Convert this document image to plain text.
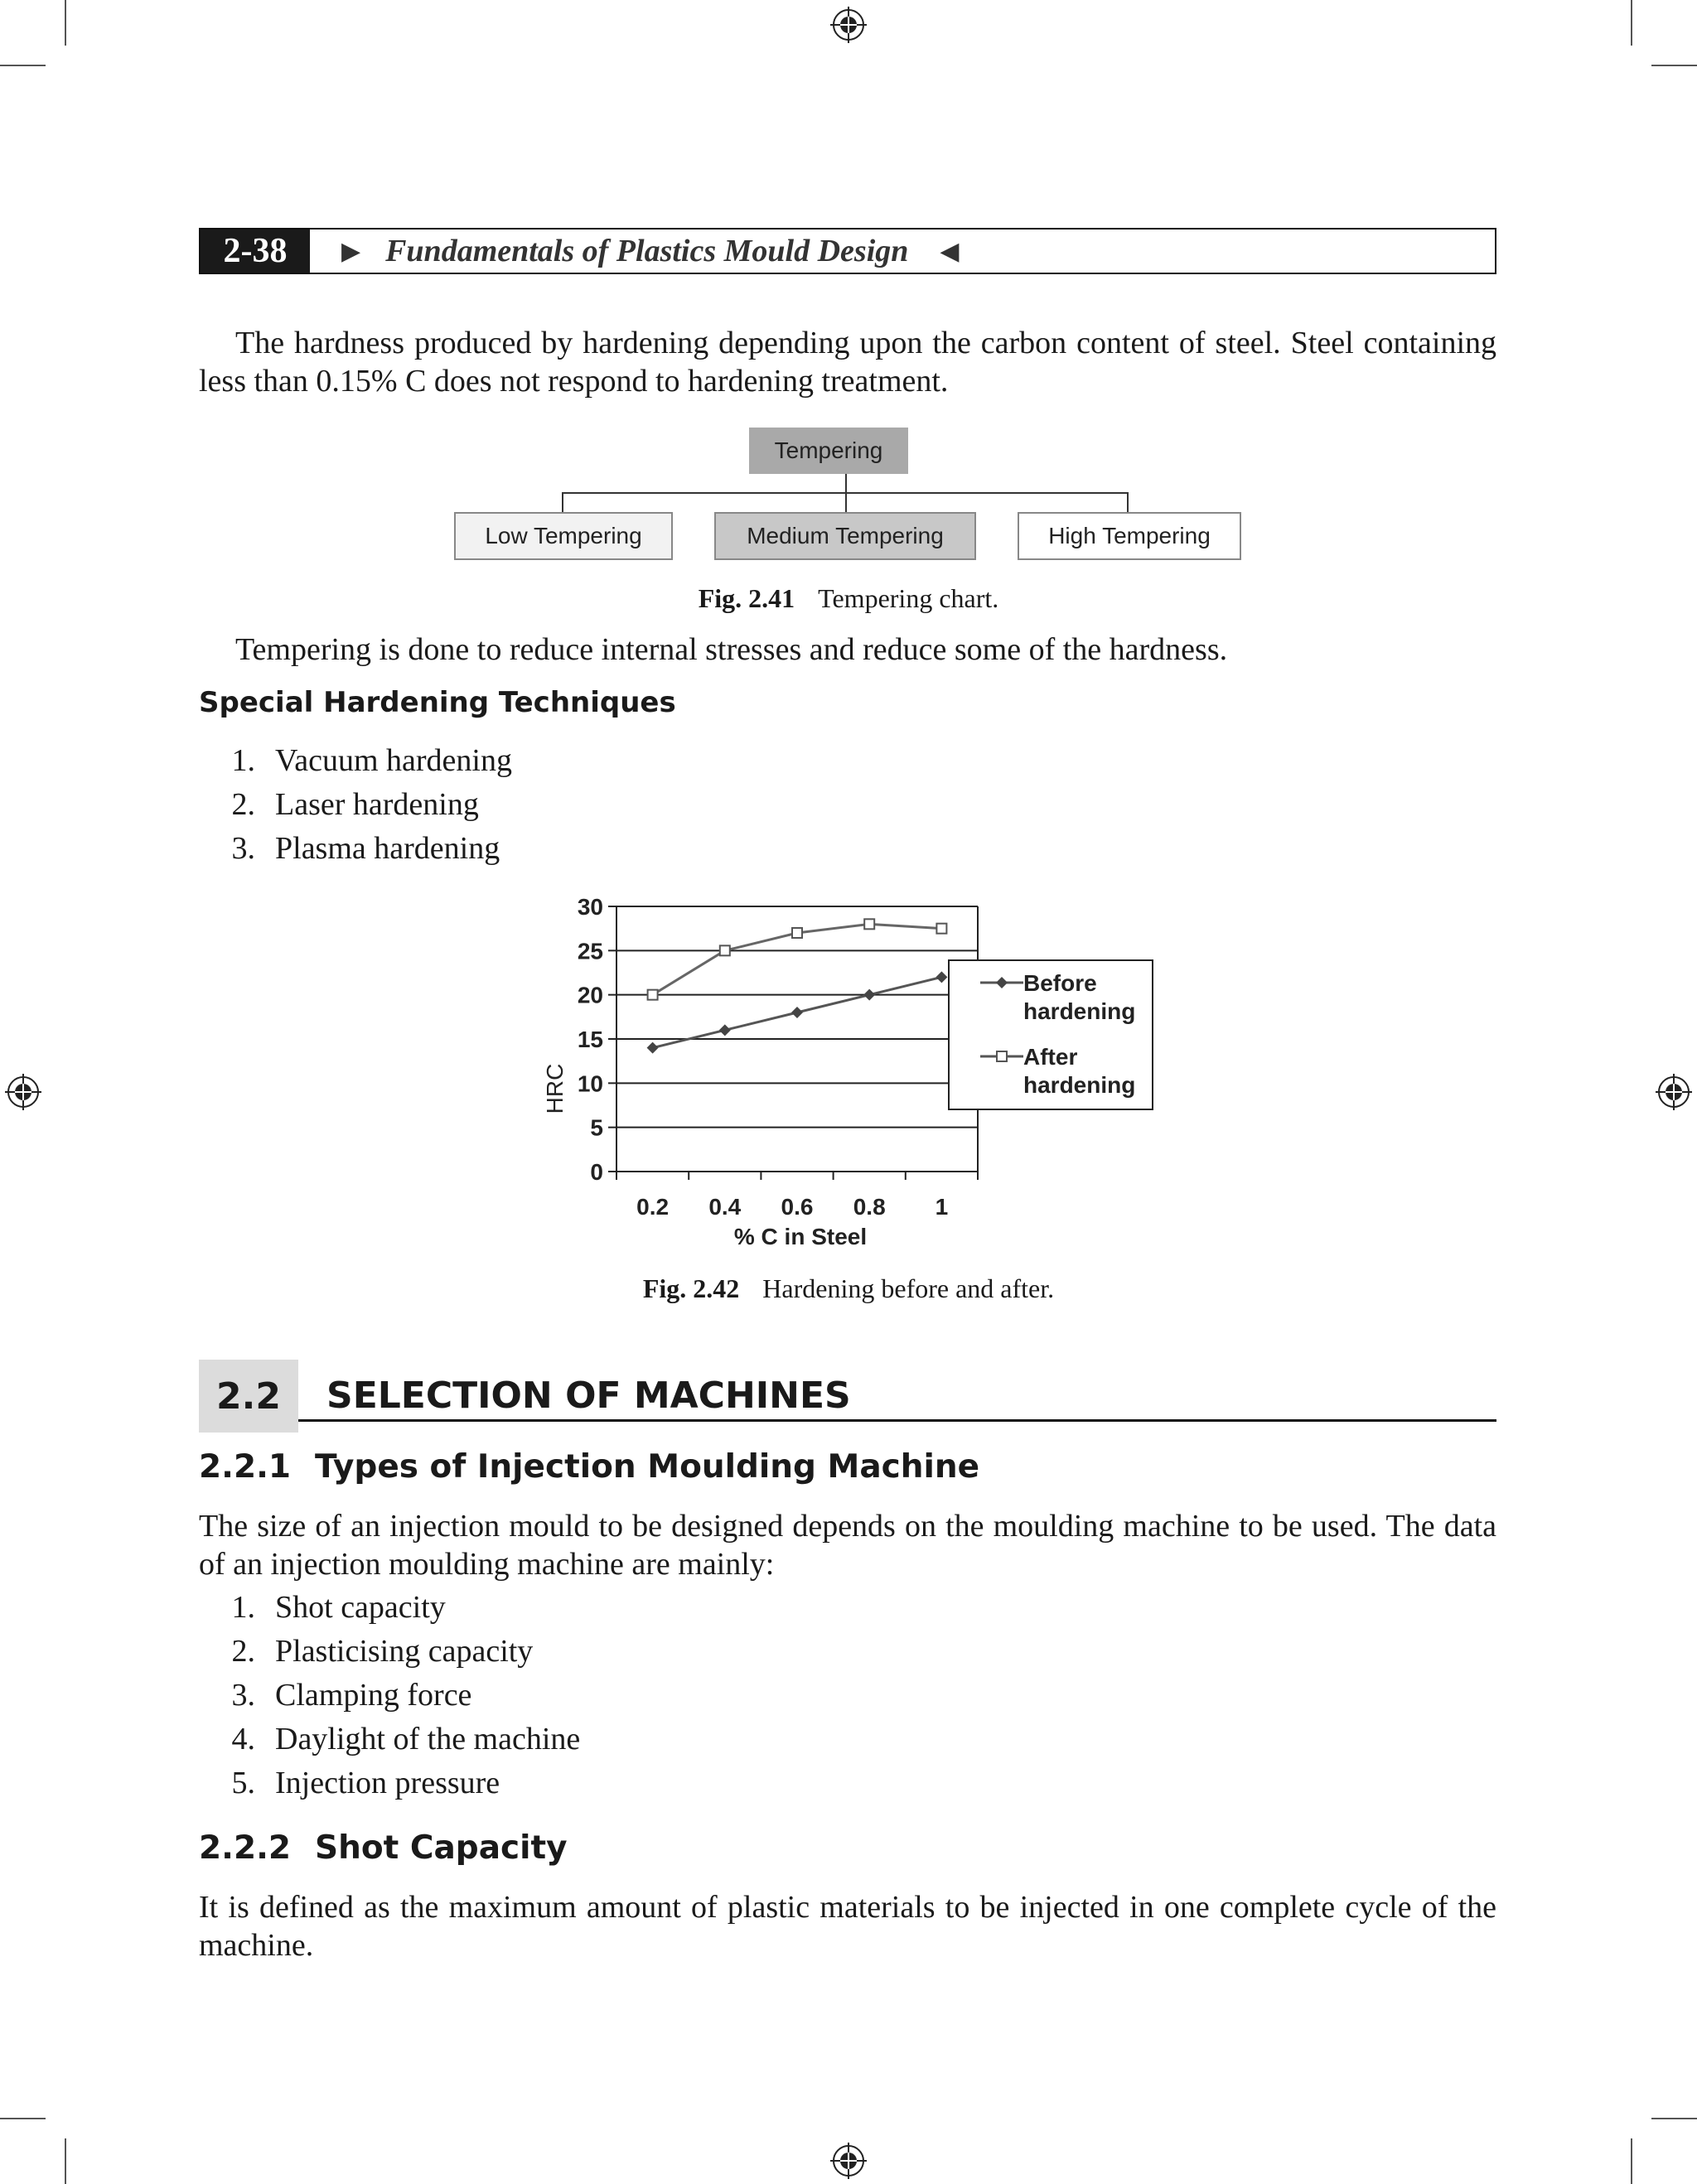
2-38	▶ Fundamentals of Plastics Mould Design ◀
The hardness produced by hardening depending upon the carbon content of steel. Steel containing less than 0.15% C does not respond to hardening treatment.
Tempering
Low Tempering	Medium Tempering	High Tempering
Fig. 2.41 Tempering chart.
Tempering is done to reduce internal stresses and reduce some of the hardness.
Special Hardening Techniques
1. Vacuum hardening
2. Laser hardening
3. Plasma hardening
0
5
10
15
20
25
30
0.2 0.4 0.6 0.8 1
% C in Steel
HRC
Before
hardening
After
hardening
Fig. 2.42 Hardening before and after.
2.2	SELECTION OF MACHINES
2.2.1 Types of Injection Moulding Machine
The size of an injection mould to be designed depends on the moulding machine to be used. The data of an injection moulding machine are mainly:
1. Shot capacity
2. Plasticising capacity
3. Clamping force
4. Daylight of the machine
5. Injection pressure
2.2.2 Shot Capacity
It is defined as the maximum amount of plastic materials to be injected in one complete cycle of the machine.
